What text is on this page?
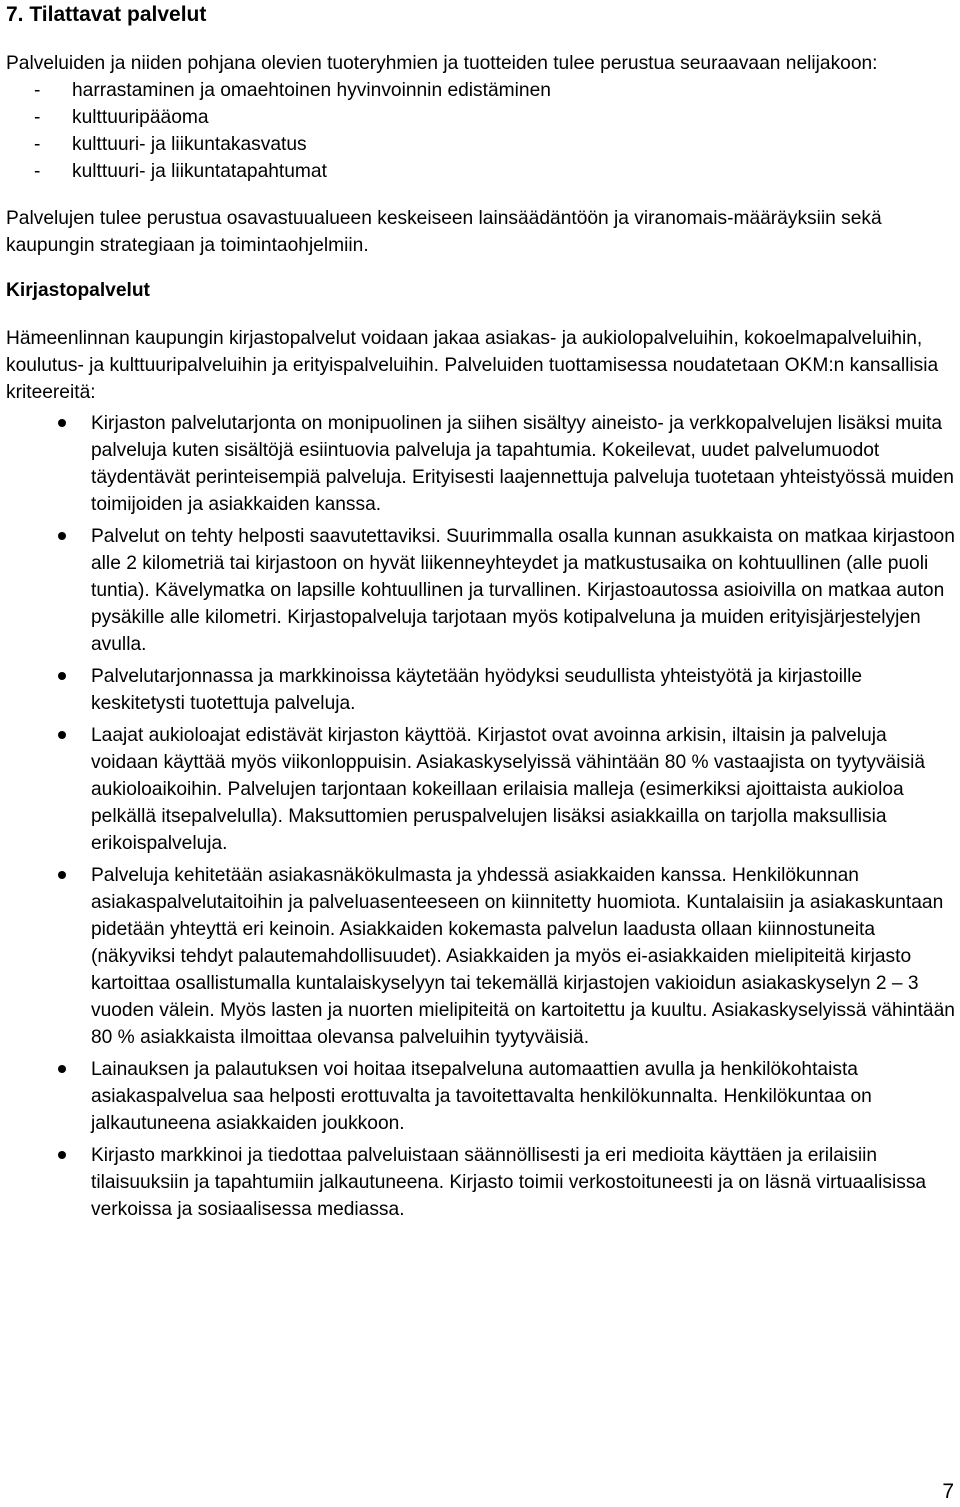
7. Tilattavat palvelut

Palveluiden ja niiden pohjana olevien tuoteryhmien ja tuotteiden tulee perustua seuraavaan nelijakoon:

- harrastaminen ja omaehtoinen hyvinvoinnin edistäminen
- kulttuuripääoma
- kulttuuri- ja liikuntakasvatus
- kulttuuri- ja liikuntatapahtumat

Palvelujen tulee perustua osavastuualueen keskeiseen lainsäädäntöön ja viranomais-määräyksiin sekä kaupungin strategiaan ja toimintaohjelmiin.

Kirjastopalvelut

Hämeenlinnan kaupungin kirjastopalvelut voidaan jakaa asiakas- ja aukiolopalveluihin, kokoelmapalveluihin, koulutus- ja kulttuuripalveluihin ja erityispalveluihin. Palveluiden tuottamisessa noudatetaan OKM:n kansallisia kriteereitä:

Kirjaston palvelutarjonta on monipuolinen ja siihen sisältyy aineisto- ja verkkopalvelujen lisäksi muita palveluja kuten sisältöjä esiintuovia palveluja ja tapahtumia. Kokeilevat, uudet palvelumuodot täydentävät perinteisempiä palveluja. Erityisesti laajennettuja palveluja tuotetaan yhteistyössä muiden toimijoiden ja asiakkaiden kanssa.
Palvelut on tehty helposti saavutettaviksi. Suurimmalla osalla kunnan asukkaista on matkaa kirjastoon alle 2 kilometriä tai kirjastoon on hyvät liikenneyhteydet ja matkustusaika on kohtuullinen (alle puoli tuntia). Kävelymatka on lapsille kohtuullinen ja turvallinen. Kirjastoautossa asioivilla on matkaa auton pysäkille alle kilometri. Kirjastopalveluja tarjotaan myös kotipalveluna ja muiden erityisjärjestelyjen avulla.
Palvelutarjonnassa ja markkinoissa käytetään hyödyksi seudullista yhteistyötä ja kirjastoille keskitetysti tuotettuja palveluja.
Laajat aukioloajat edistävät kirjaston käyttöä. Kirjastot ovat avoinna arkisin, iltaisin ja palveluja voidaan käyttää myös viikonloppuisin. Asiakaskyselyissä vähintään 80 % vastaajista on tyytyväisiä aukioloaikoihin. Palvelujen tarjontaan kokeillaan erilaisia malleja (esimerkiksi ajoittaista aukioloa pelkällä itsepalvelulla). Maksuttomien peruspalvelujen lisäksi asiakkailla on tarjolla maksullisia erikoispalveluja.
Palveluja kehitetään asiakasnäkökulmasta ja yhdessä asiakkaiden kanssa. Henkilökunnan asiakaspalvelutaitoihin ja palveluasenteeseen on kiinnitetty huomiota. Kuntalaisiin ja asiakaskuntaan pidetään yhteyttä eri keinoin. Asiakkaiden kokemasta palvelun laadusta ollaan kiinnostuneita (näkyviksi tehdyt palautemahdollisuudet). Asiakkaiden ja myös ei-asiakkaiden mielipiteitä kirjasto kartoittaa osallistumalla kuntalaiskyselyyn tai tekemällä kirjastojen vakioidun asiakaskyselyn 2 – 3 vuoden välein. Myös lasten ja nuorten mielipiteitä on kartoitettu ja kuultu. Asiakaskyselyissä vähintään 80 % asiakkaista ilmoittaa olevansa palveluihin tyytyväisiä.
Lainauksen ja palautuksen voi hoitaa itsepalveluna automaattien avulla ja henkilökohtaista asiakaspalvelua saa helposti erottuvalta ja tavoitettavalta henkilökunnalta. Henkilökuntaa on jalkautuneena asiakkaiden joukkoon.
Kirjasto markkinoi ja tiedottaa palveluistaan säännöllisesti ja eri medioita käyttäen ja erilaisiin tilaisuuksiin ja tapahtumiin jalkautuneena. Kirjasto toimii verkostoituneesti ja on läsnä virtuaalisissa verkoissa ja sosiaalisessa mediassa.
7
